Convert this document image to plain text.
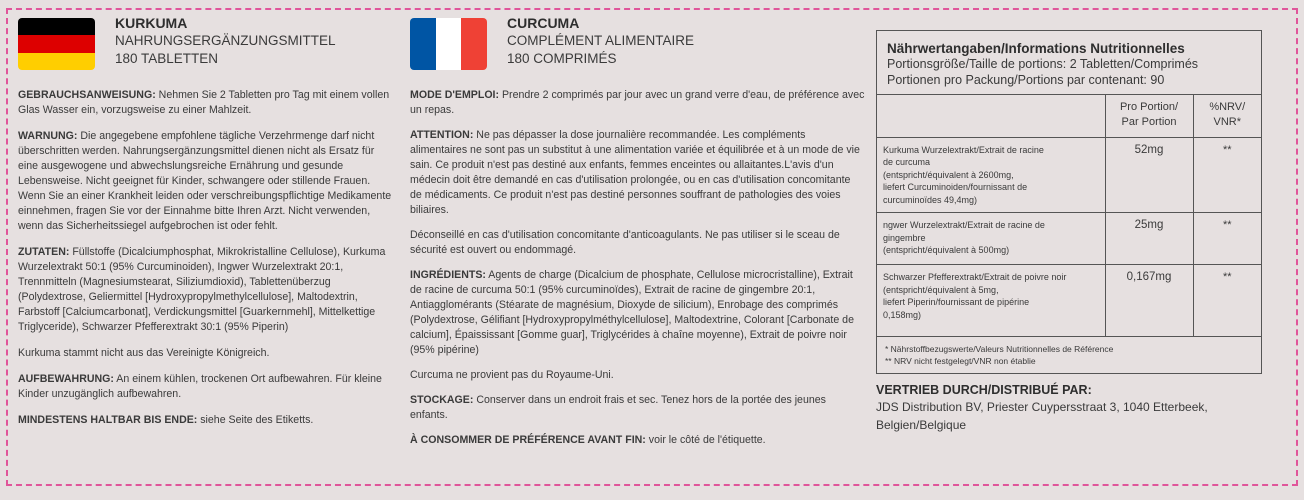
KURKUMA
NAHRUNGSERGÄNZUNGSMITTEL
180 TABLETTEN

GEBRAUCHSANWEISUNG: Nehmen Sie 2 Tabletten pro Tag mit einem vollen Glas Wasser ein, vorzugsweise zu einer Mahlzeit.

WARNUNG: Die angegebene empfohlene tägliche Verzehrmenge darf nicht überschritten werden. Nahrungsergänzungsmittel dienen nicht als Ersatz für eine ausgewogene und abwechslungsreiche Ernährung und gesunde Lebensweise. Nicht geeignet für Kinder, schwangere oder stillende Frauen. Wenn Sie an einer Krankheit leiden oder verschreibungspflichtige Medikamente einnehmen, fragen Sie vor der Einnahme bitte Ihren Arzt. Nicht verwenden, wenn das Sicherheitssiegel aufgebrochen ist oder fehlt.

ZUTATEN: Füllstoffe (Dicalciumphosphat, Mikrokristalline Cellulose), Kurkuma Wurzelextrakt 50:1 (95% Curcuminoiden), Ingwer Wurzelextrakt 20:1, Trennmitteln (Magnesiumstearat, Siliziumdioxid), Tablettenüberzug (Polydextrose, Geliermittel [Hydroxypropylmethylcellulose], Maltodextrin, Farbstoff [Calciumcarbonat], Verdickungsmittel [Guarkernmehl], Mittelkettige Triglyceride), Schwarzer Pfefferextrakt 30:1 (95% Piperin)

Kurkuma stammt nicht aus das Vereinigte Königreich.

AUFBEWAHRUNG: An einem kühlen, trockenen Ort aufbewahren. Für kleine Kinder unzugänglich aufbewahren.

MINDESTENS HALTBAR BIS ENDE: siehe Seite des Etiketts.

CURCUMA
COMPLÉMENT ALIMENTAIRE
180 COMPRIMÉS

MODE D'EMPLOI: Prendre 2 comprimés par jour avec un grand verre d'eau, de préférence avec un repas.

ATTENTION: Ne pas dépasser la dose journalière recommandée. Les compléments alimentaires ne sont pas un substitut à une alimentation variée et équilibrée et à un mode de vie sain. Ce produit n'est pas destiné aux enfants, femmes enceintes ou allaitantes.L'avis d'un médecin doit être demandé en cas d'utilisation prolongée, ou en cas d'utilisation concomitante de médicaments. Ce produit n'est pas destiné personnes souffrant de pathologies des voies biliaires.

Déconseillé en cas d'utilisation concomitante d'anticoagulants. Ne pas utiliser si le sceau de sécurité est ouvert ou endommagé.

INGRÉDIENTS: Agents de charge (Dicalcium de phosphate, Cellulose microcristalline), Extrait de racine de curcuma 50:1 (95% curcuminoïdes), Extrait de racine de gingembre 20:1, Antiagglomérants (Stéarate de magnésium, Dioxyde de silicium), Enrobage des comprimés (Polydextrose, Gélifiant [Hydroxypropylméthylcellulose], Maltodextrine, Colorant [Carbonate de calcium], Épaississant [Gomme guar], Triglycérides à chaîne moyenne), Extrait de poivre noir (95% pipérine)

Curcuma ne provient pas du Royaume-Uni.

STOCKAGE: Conserver dans un endroit frais et sec. Tenez hors de la portée des jeunes enfants.

À CONSOMMER DE PRÉFÉRENCE AVANT FIN: voir le côté de l'étiquette.

Nährwertangaben/Informations Nutritionnelles
Portionsgröße/Taille de portions: 2 Tabletten/Comprimés
Portionen pro Packung/Portions par contenant: 90
	Pro Portion/
Par Portion	%NRV/
VNR*

Kurkuma Wurzelextrakt/Extrait de racine
de curcuma
(entspricht/équivalent à 2600mg,
liefert Curcuminoiden/fournissant de
curcuminoïdes 49,4mg)	52mg	**

ngwer Wurzelextrakt/Extrait de racine de
gingembre
(entspricht/équivalent à 500mg)	25mg	**

Schwarzer Pfefferextrakt/Extrait de poivre noir
(entspricht/équivalent à 5mg,
liefert Piperin/fournissant de pipérine
0,158mg)	0,167mg	**
* Nährstoffbezugswerte/Valeurs Nutritionnelles de Référence
** NRV nicht festgelegt/VNR non établie
VERTRIEB DURCH/DISTRIBUÉ PAR:
JDS Distribution BV, Priester Cuypersstraat 3, 1040 Etterbeek,
Belgien/Belgique
